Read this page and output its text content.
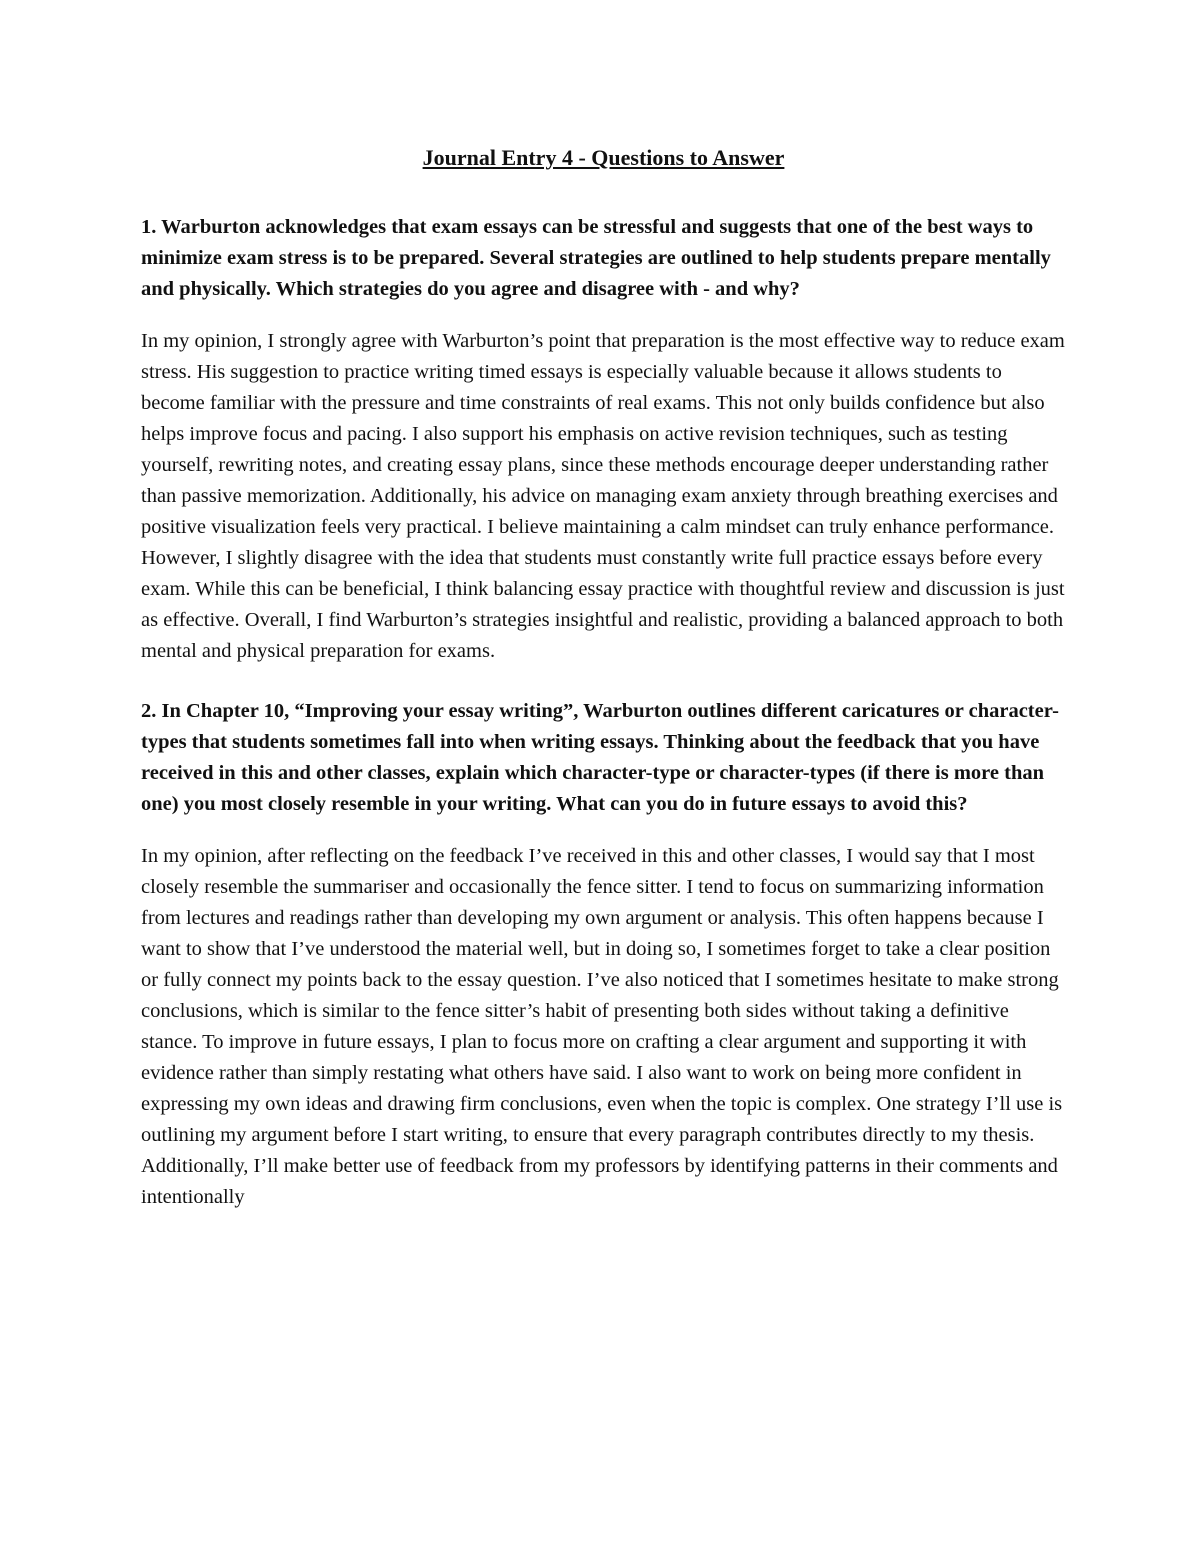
Journal Entry 4 - Questions to Answer

1. Warburton acknowledges that exam essays can be stressful and suggests that one of the best ways to minimize exam stress is to be prepared. Several strategies are outlined to help students prepare mentally and physically. Which strategies do you agree and disagree with - and why?

In my opinion, I strongly agree with Warburton’s point that preparation is the most effective way to reduce exam stress. His suggestion to practice writing timed essays is especially valuable because it allows students to become familiar with the pressure and time constraints of real exams. This not only builds confidence but also helps improve focus and pacing. I also support his emphasis on active revision techniques, such as testing yourself, rewriting notes, and creating essay plans, since these methods encourage deeper understanding rather than passive memorization. Additionally, his advice on managing exam anxiety through breathing exercises and positive visualization feels very practical. I believe maintaining a calm mindset can truly enhance performance. However, I slightly disagree with the idea that students must constantly write full practice essays before every exam. While this can be beneficial, I think balancing essay practice with thoughtful review and discussion is just as effective. Overall, I find Warburton’s strategies insightful and realistic, providing a balanced approach to both mental and physical preparation for exams.

2. In Chapter 10, “Improving your essay writing”, Warburton outlines different caricatures or character-types that students sometimes fall into when writing essays. Thinking about the feedback that you have received in this and other classes, explain which character-type or character-types (if there is more than one) you most closely resemble in your writing. What can you do in future essays to avoid this?

In my opinion, after reflecting on the feedback I’ve received in this and other classes, I would say that I most closely resemble the summariser and occasionally the fence sitter. I tend to focus on summarizing information from lectures and readings rather than developing my own argument or analysis. This often happens because I want to show that I’ve understood the material well, but in doing so, I sometimes forget to take a clear position or fully connect my points back to the essay question. I’ve also noticed that I sometimes hesitate to make strong conclusions, which is similar to the fence sitter’s habit of presenting both sides without taking a definitive stance. To improve in future essays, I plan to focus more on crafting a clear argument and supporting it with evidence rather than simply restating what others have said. I also want to work on being more confident in expressing my own ideas and drawing firm conclusions, even when the topic is complex. One strategy I’ll use is outlining my argument before I start writing, to ensure that every paragraph contributes directly to my thesis. Additionally, I’ll make better use of feedback from my professors by identifying patterns in their comments and intentionally
